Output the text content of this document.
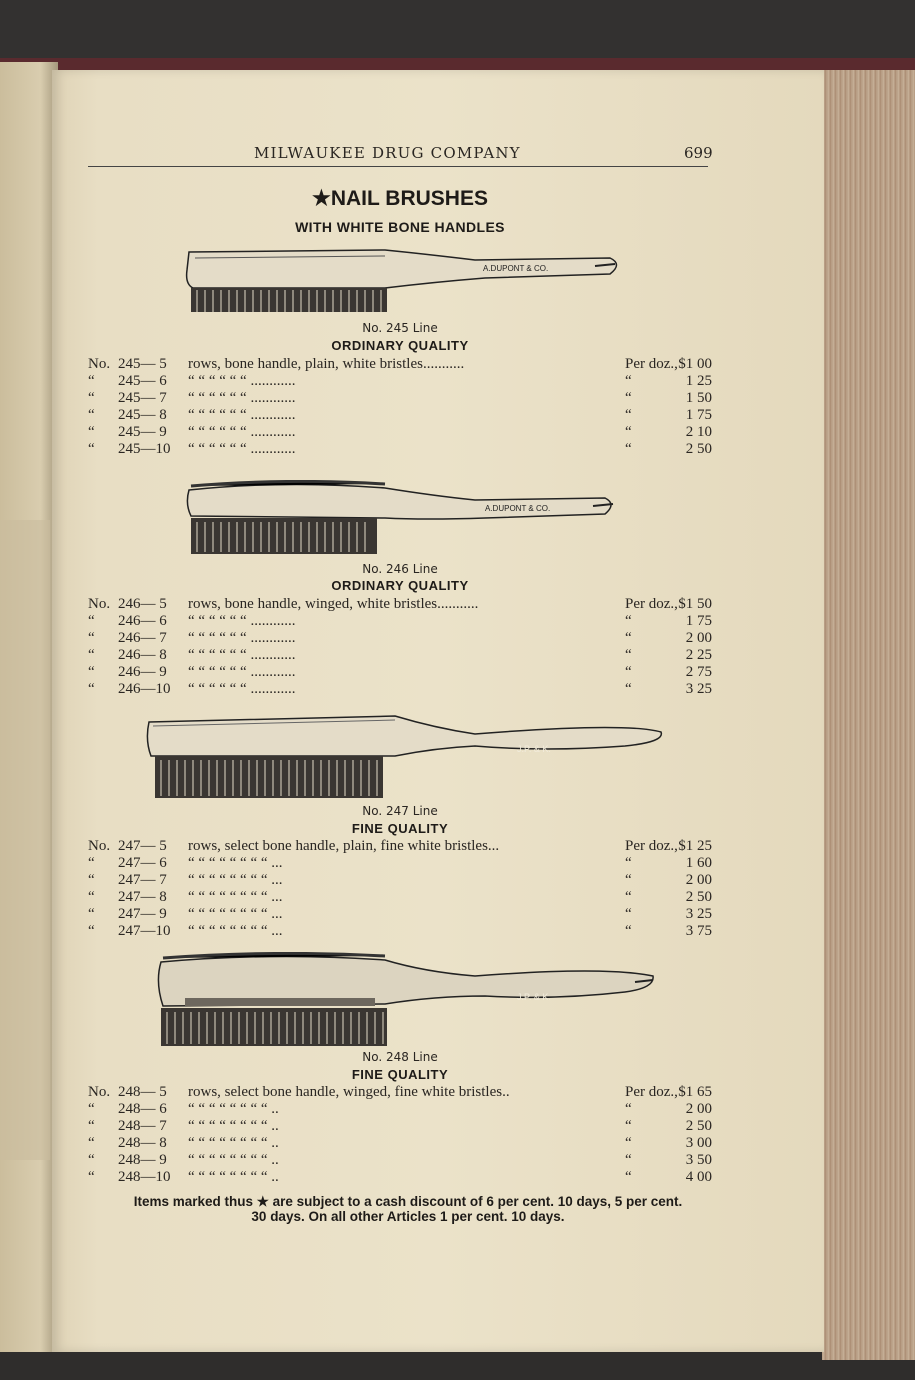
MILWAUKEE DRUG COMPANY	699
★NAIL BRUSHES
WITH WHITE BONE HANDLES
A.DUPONT & CO.
No. 245 Line
ORDINARY QUALITY
No. 245— 5 rows, bone handle, plain, white bristles...........	Per doz., $1 00
“ 245— 6 “ “ “ “ “ “ ............	“	1 25
“ 245— 7 “ “ “ “ “ “ ............	“	1 50
“ 245— 8 “ “ “ “ “ “ ............	“	1 75
“ 245— 9 “ “ “ “ “ “ ............	“	2 10
“ 245—10 “ “ “ “ “ “ ............	“	2 50
A.DUPONT & CO.
No. 246 Line
ORDINARY QUALITY
No. 246— 5 rows, bone handle, winged, white bristles...........	Per doz., $1 50
“ 246— 6 “ “ “ “ “ “ ............	“	1 75
“ 246— 7 “ “ “ “ “ “ ............	“	2 00
“ 246— 8 “ “ “ “ “ “ ............	“	2 25
“ 246— 9 “ “ “ “ “ “ ............	“	2 75
“ 246—10 “ “ “ “ “ “ ............	“	3 25
J.P. & K.
No. 247 Line
FINE QUALITY
No. 247— 5 rows, select bone handle, plain, fine white bristles...	Per doz., $1 25
“ 247— 6 “ “ “ “ “ “ “ “ ...	“	1 60
“ 247— 7 “ “ “ “ “ “ “ “ ...	“	2 00
“ 247— 8 “ “ “ “ “ “ “ “ ...	“	2 50
“ 247— 9 “ “ “ “ “ “ “ “ ...	“	3 25
“ 247—10 “ “ “ “ “ “ “ “ ...	“	3 75
J.P. & K.
No. 248 Line
FINE QUALITY
No. 248— 5 rows, select bone handle, winged, fine white bristles..	Per doz., $1 65
“ 248— 6 “ “ “ “ “ “ “ “ ..	“	2 00
“ 248— 7 “ “ “ “ “ “ “ “ ..	“	2 50
“ 248— 8 “ “ “ “ “ “ “ “ ..	“	3 00
“ 248— 9 “ “ “ “ “ “ “ “ ..	“	3 50
“ 248—10 “ “ “ “ “ “ “ “ ..	“	4 00
Items marked thus ★ are subject to a cash discount of 6 per cent. 10 days, 5 per cent.
30 days. On all other Articles 1 per cent. 10 days.
